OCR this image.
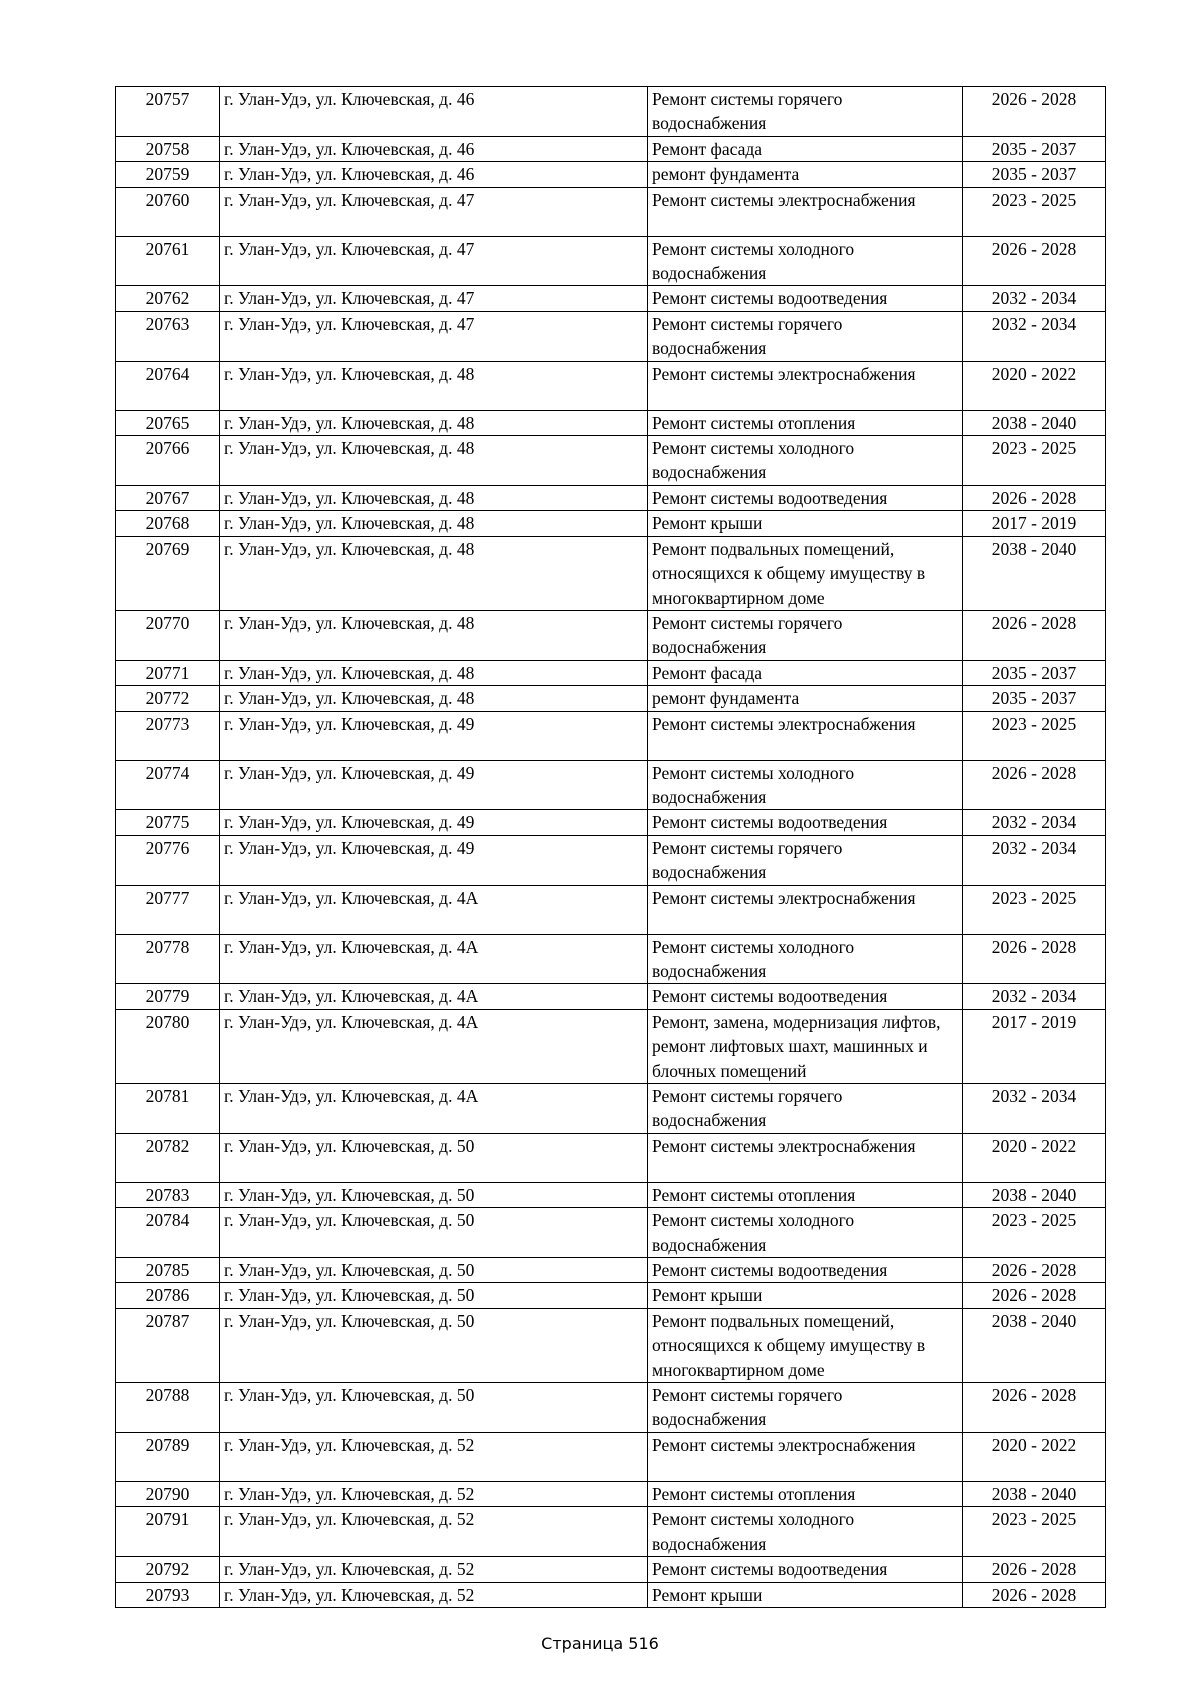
20757	г. Улан-Удэ, ул. Ключевская, д. 46	Ремонт системы горячего водоснабжения	2026 - 2028
20758	г. Улан-Удэ, ул. Ключевская, д. 46	Ремонт фасада	2035 - 2037
20759	г. Улан-Удэ, ул. Ключевская, д. 46	ремонт фундамента	2035 - 2037
20760	г. Улан-Удэ, ул. Ключевская, д. 47	Ремонт системы электроснабжения	2023 - 2025
20761	г. Улан-Удэ, ул. Ключевская, д. 47	Ремонт системы холодного водоснабжения	2026 - 2028
20762	г. Улан-Удэ, ул. Ключевская, д. 47	Ремонт системы водоотведения	2032 - 2034
20763	г. Улан-Удэ, ул. Ключевская, д. 47	Ремонт системы горячего водоснабжения	2032 - 2034
20764	г. Улан-Удэ, ул. Ключевская, д. 48	Ремонт системы электроснабжения	2020 - 2022
20765	г. Улан-Удэ, ул. Ключевская, д. 48	Ремонт системы отопления	2038 - 2040
20766	г. Улан-Удэ, ул. Ключевская, д. 48	Ремонт системы холодного водоснабжения	2023 - 2025
20767	г. Улан-Удэ, ул. Ключевская, д. 48	Ремонт системы водоотведения	2026 - 2028
20768	г. Улан-Удэ, ул. Ключевская, д. 48	Ремонт крыши	2017 - 2019
20769	г. Улан-Удэ, ул. Ключевская, д. 48	Ремонт подвальных помещений, относящихся к общему имуществу в многоквартирном доме	2038 - 2040
20770	г. Улан-Удэ, ул. Ключевская, д. 48	Ремонт системы горячего водоснабжения	2026 - 2028
20771	г. Улан-Удэ, ул. Ключевская, д. 48	Ремонт фасада	2035 - 2037
20772	г. Улан-Удэ, ул. Ключевская, д. 48	ремонт фундамента	2035 - 2037
20773	г. Улан-Удэ, ул. Ключевская, д. 49	Ремонт системы электроснабжения	2023 - 2025
20774	г. Улан-Удэ, ул. Ключевская, д. 49	Ремонт системы холодного водоснабжения	2026 - 2028
20775	г. Улан-Удэ, ул. Ключевская, д. 49	Ремонт системы водоотведения	2032 - 2034
20776	г. Улан-Удэ, ул. Ключевская, д. 49	Ремонт системы горячего водоснабжения	2032 - 2034
20777	г. Улан-Удэ, ул. Ключевская, д. 4А	Ремонт системы электроснабжения	2023 - 2025
20778	г. Улан-Удэ, ул. Ключевская, д. 4А	Ремонт системы холодного водоснабжения	2026 - 2028
20779	г. Улан-Удэ, ул. Ключевская, д. 4А	Ремонт системы водоотведения	2032 - 2034
20780	г. Улан-Удэ, ул. Ключевская, д. 4А	Ремонт, замена, модернизация лифтов, ремонт лифтовых шахт, машинных и блочных помещений	2017 - 2019
20781	г. Улан-Удэ, ул. Ключевская, д. 4А	Ремонт системы горячего водоснабжения	2032 - 2034
20782	г. Улан-Удэ, ул. Ключевская, д. 50	Ремонт системы электроснабжения	2020 - 2022
20783	г. Улан-Удэ, ул. Ключевская, д. 50	Ремонт системы отопления	2038 - 2040
20784	г. Улан-Удэ, ул. Ключевская, д. 50	Ремонт системы холодного водоснабжения	2023 - 2025
20785	г. Улан-Удэ, ул. Ключевская, д. 50	Ремонт системы водоотведения	2026 - 2028
20786	г. Улан-Удэ, ул. Ключевская, д. 50	Ремонт крыши	2026 - 2028
20787	г. Улан-Удэ, ул. Ключевская, д. 50	Ремонт подвальных помещений, относящихся к общему имуществу в многоквартирном доме	2038 - 2040
20788	г. Улан-Удэ, ул. Ключевская, д. 50	Ремонт системы горячего водоснабжения	2026 - 2028
20789	г. Улан-Удэ, ул. Ключевская, д. 52	Ремонт системы электроснабжения	2020 - 2022
20790	г. Улан-Удэ, ул. Ключевская, д. 52	Ремонт системы отопления	2038 - 2040
20791	г. Улан-Удэ, ул. Ключевская, д. 52	Ремонт системы холодного водоснабжения	2023 - 2025
20792	г. Улан-Удэ, ул. Ключевская, д. 52	Ремонт системы водоотведения	2026 - 2028
20793	г. Улан-Удэ, ул. Ключевская, д. 52	Ремонт крыши	2026 - 2028
Страница 516
